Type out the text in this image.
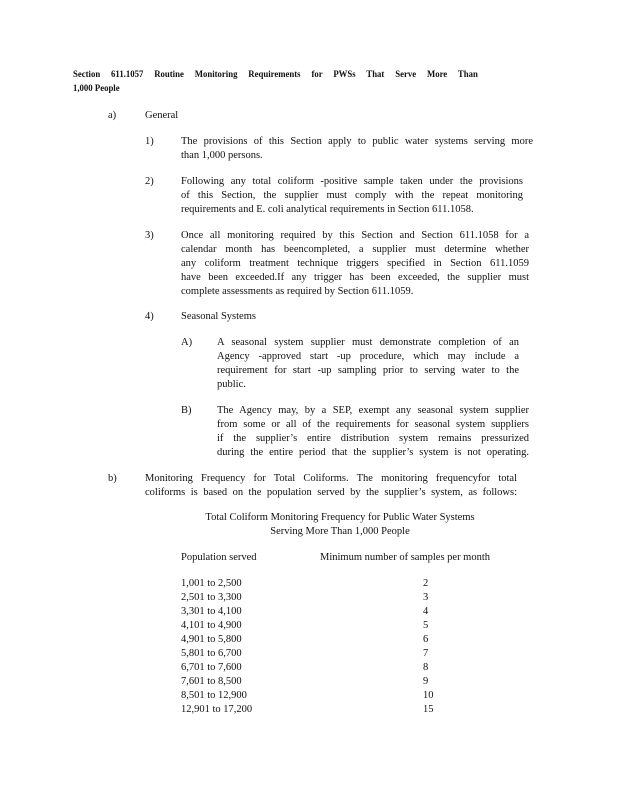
Section 611.1057 Routine Monitoring Requirements for PWSs That Serve More Than
1,000 People
a)	General
1)	The provisions of this Section apply to public water systems serving more
than 1,000 persons.
2)	Following any total coliform -positive sample taken under the provisions
of this Section, the supplier must comply with the repeat monitoring
requirements and E. coli analytical requirements in Section 611.1058.
3)	Once all monitoring required by this Section and Section 611.1058 for a
calendar month has beencompleted, a supplier must determine whether
any coliform treatment technique triggers specified in Section 611.1059
have been exceeded.If any trigger has been exceeded, the supplier must
complete assessments as required by Section 611.1059.
4)	Seasonal Systems
A) A seasonal system supplier must demonstrate completion of an
Agency -approved start -up procedure, which may include a
requirement for start -up sampling prior to serving water to the
public.
B) The Agency may, by a SEP, exempt any seasonal system supplier
from some or all of the requirements for seasonal system suppliers
if the supplier’s entire distribution system remains pressurized
during the entire period that the supplier’s system is not operating.
b)	Monitoring Frequency for Total Coliforms. The monitoring frequencyfor total
coliforms is based on the population served by the supplier’s system, as follows:
Total Coliform Monitoring Frequency for Public Water Systems
Serving More Than 1,000 People
Population served	Minimum number of samples per month
1,001 to 2,500	2
2,501 to 3,300	3
3,301 to 4,100	4
4,101 to 4,900	5
4,901 to 5,800	6
5,801 to 6,700	7
6,701 to 7,600	8
7,601 to 8,500	9
8,501 to 12,900	10
12,901 to 17,200	15
